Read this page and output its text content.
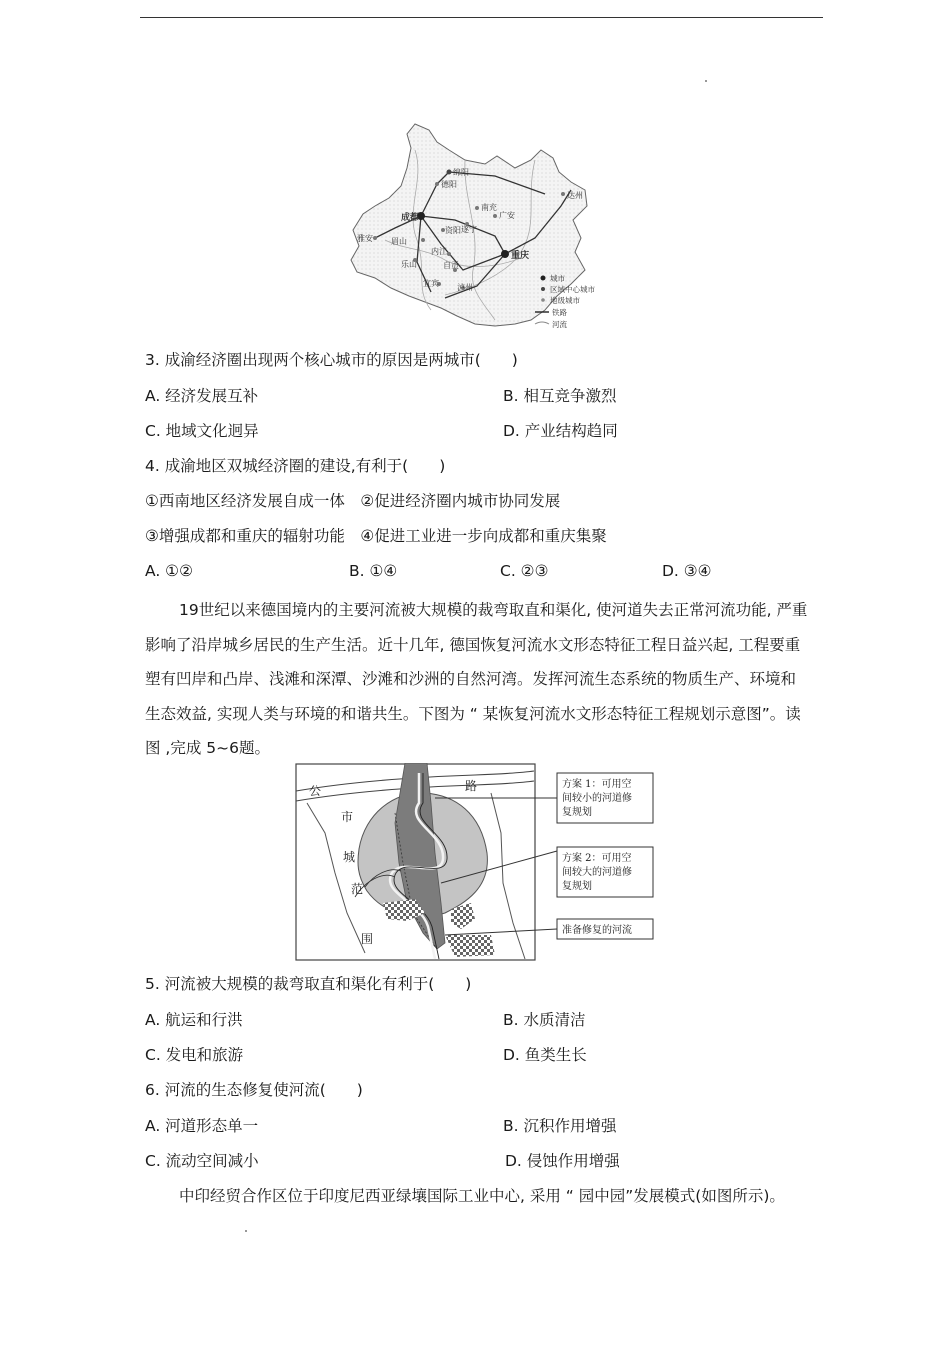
绵阳
德阳
成都
南充
广安
遂宁
资阳
雅安 眉山
内江
乐山	自贡
达州
重庆
宜宾 泸州
城市
区域中心城市
地级城市
铁路
河流
3. 成渝经济圈出现两个核心城市的原因是两城市(　　)
A. 经济发展互补	B. 相互竞争激烈
C. 地域文化迥异	D. 产业结构趋同
4. 成渝地区双城经济圈的建设,有利于(　　)
①西南地区经济发展自成一体　②促进经济圈内城市协同发展
③增强成都和重庆的辐射功能　④促进工业进一步向成都和重庆集聚
A. ①②	B. ①④	C. ②③	D. ③④
19世纪以来德国境内的主要河流被大规模的裁弯取直和渠化, 使河道失去正常河流功能, 严重影响了沿岸城乡居民的生产生活。近十几年, 德国恢复河流水文形态特征工程日益兴起, 工程要重塑有凹岸和凸岸、浅滩和深潭、沙滩和沙洲的自然河湾。发挥河流生态系统的物质生产、环境和生态效益, 实现人类与环境的和谐共生。下图为 “ 某恢复河流水文形态特征工程规划示意图”。读图 ,完成 5~6题。
公	路
市
城
范
围
方案 1：可用空
间较小的河道修
复规划
方案 2：可用空
间较大的河道修
复规划
准备修复的河流
5. 河流被大规模的裁弯取直和渠化有利于(　　)
A. 航运和行洪	B. 水质清洁
C. 发电和旅游	D. 鱼类生长
6. 河流的生态修复使河流(　　)
A. 河道形态单一	B. 沉积作用增强
C. 流动空间减小	D. 侵蚀作用增强
中印经贸合作区位于印度尼西亚绿壤国际工业中心, 采用 “ 园中园”发展模式(如图所示)。
